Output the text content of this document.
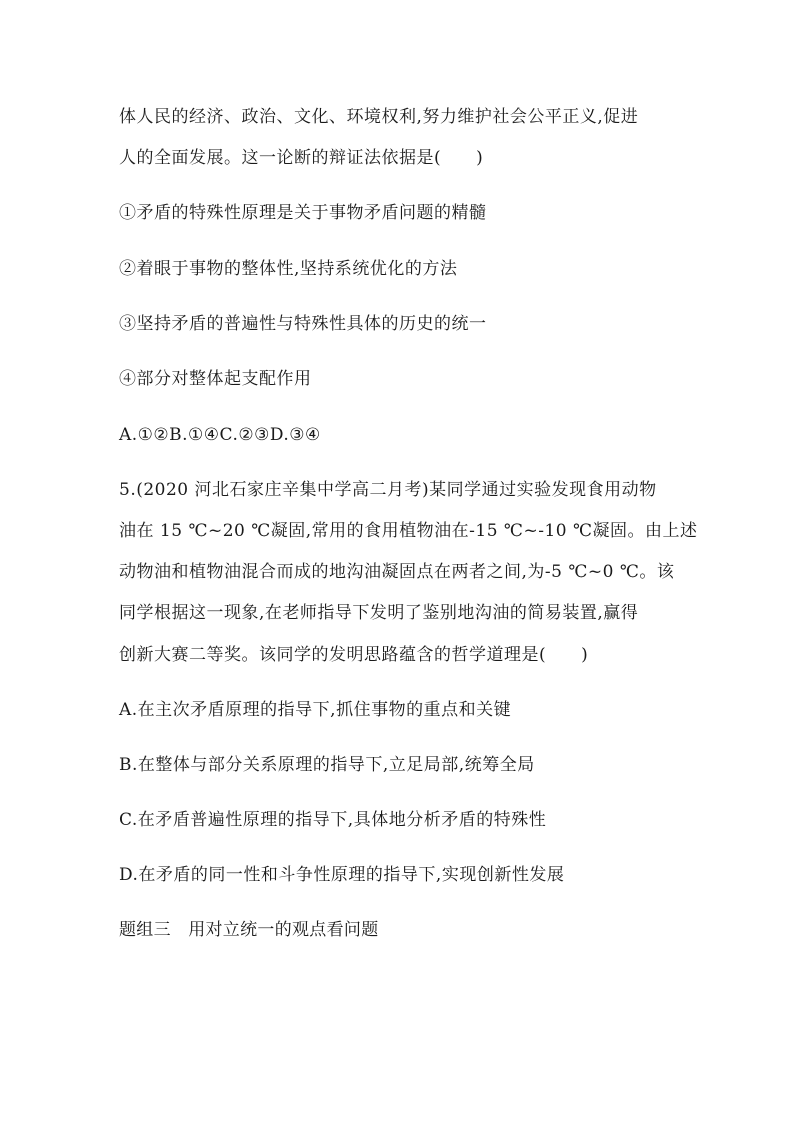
体人民的经济、政治、文化、环境权利,努力维护社会公平正义,促进
人的全面发展。这一论断的辩证法依据是(　　)
①矛盾的特殊性原理是关于事物矛盾问题的精髓
②着眼于事物的整体性,坚持系统优化的方法
③坚持矛盾的普遍性与特殊性具体的历史的统一
④部分对整体起支配作用
A.①②B.①④C.②③D.③④
5.(2020 河北石家庄辛集中学高二月考)某同学通过实验发现食用动物
油在 15 ℃~20 ℃凝固,常用的食用植物油在-15 ℃~-10 ℃凝固。由上述
动物油和植物油混合而成的地沟油凝固点在两者之间,为-5 ℃~0 ℃。该
同学根据这一现象,在老师指导下发明了鉴别地沟油的简易装置,赢得
创新大赛二等奖。该同学的发明思路蕴含的哲学道理是(　　)
A.在主次矛盾原理的指导下,抓住事物的重点和关键
B.在整体与部分关系原理的指导下,立足局部,统筹全局
C.在矛盾普遍性原理的指导下,具体地分析矛盾的特殊性
D.在矛盾的同一性和斗争性原理的指导下,实现创新性发展
题组三　用对立统一的观点看问题
